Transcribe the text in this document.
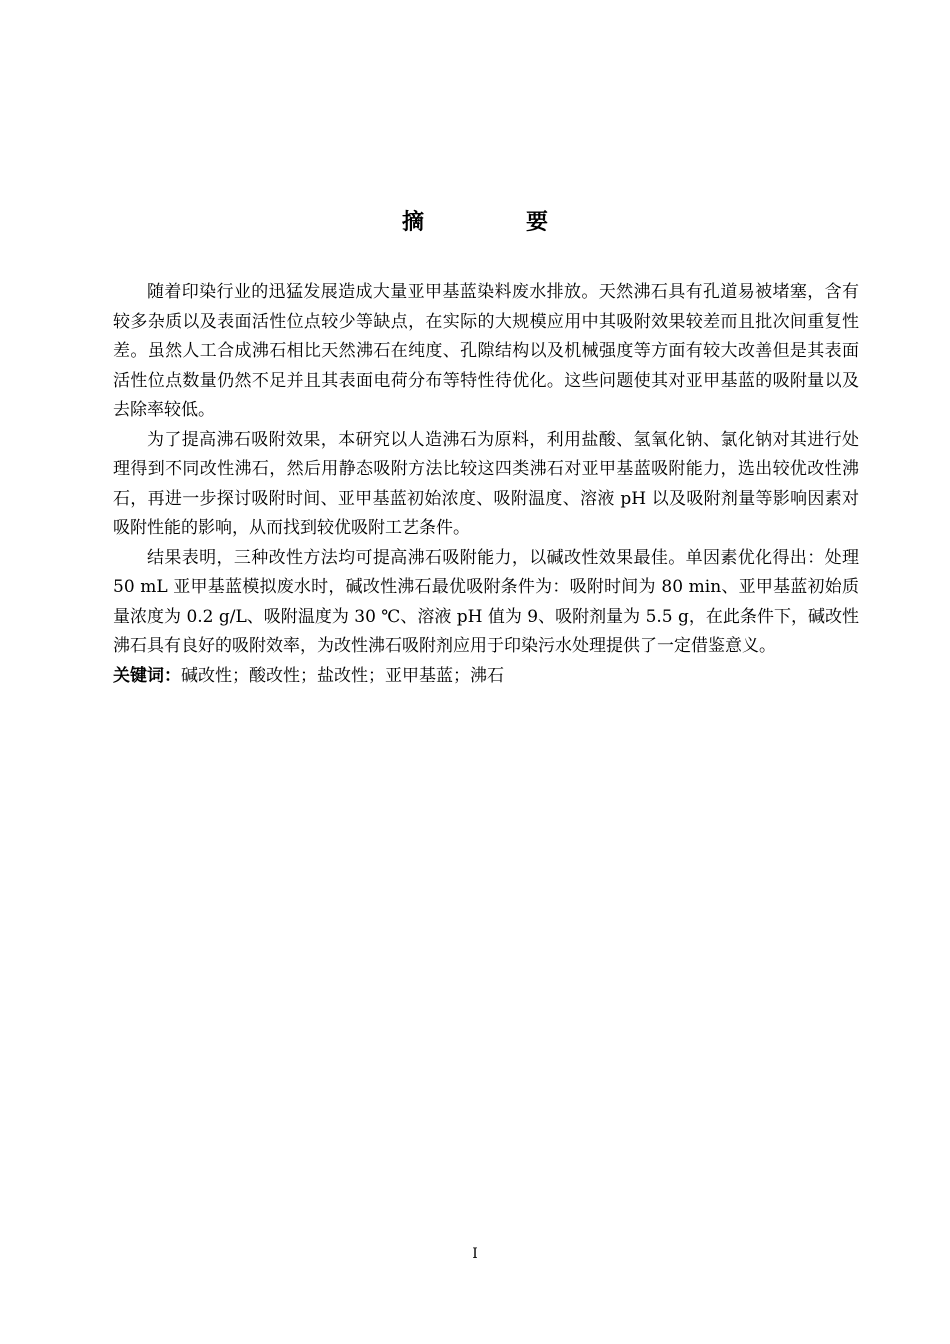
摘　要

随着印染行业的迅猛发展造成大量亚甲基蓝染料废水排放。天然沸石具有孔道易被堵塞，含有较多杂质以及表面活性位点较少等缺点，在实际的大规模应用中其吸附效果较差而且批次间重复性差。虽然人工合成沸石相比天然沸石在纯度、孔隙结构以及机械强度等方面有较大改善但是其表面活性位点数量仍然不足并且其表面电荷分布等特性待优化。这些问题使其对亚甲基蓝的吸附量以及去除率较低。

为了提高沸石吸附效果，本研究以人造沸石为原料，利用盐酸、氢氧化钠、氯化钠对其进行处理得到不同改性沸石，然后用静态吸附方法比较这四类沸石对亚甲基蓝吸附能力，选出较优改性沸石，再进一步探讨吸附时间、亚甲基蓝初始浓度、吸附温度、溶液 pH 以及吸附剂量等影响因素对吸附性能的影响，从而找到较优吸附工艺条件。

结果表明，三种改性方法均可提高沸石吸附能力，以碱改性效果最佳。单因素优化得出：处理 50 mL 亚甲基蓝模拟废水时，碱改性沸石最优吸附条件为：吸附时间为 80 min、亚甲基蓝初始质量浓度为 0.2 g/L、吸附温度为 30 ℃、溶液 pH 值为 9、吸附剂量为 5.5 g，在此条件下，碱改性沸石具有良好的吸附效率，为改性沸石吸附剂应用于印染污水处理提供了一定借鉴意义。

关键词：碱改性；酸改性；盐改性；亚甲基蓝；沸石

I
